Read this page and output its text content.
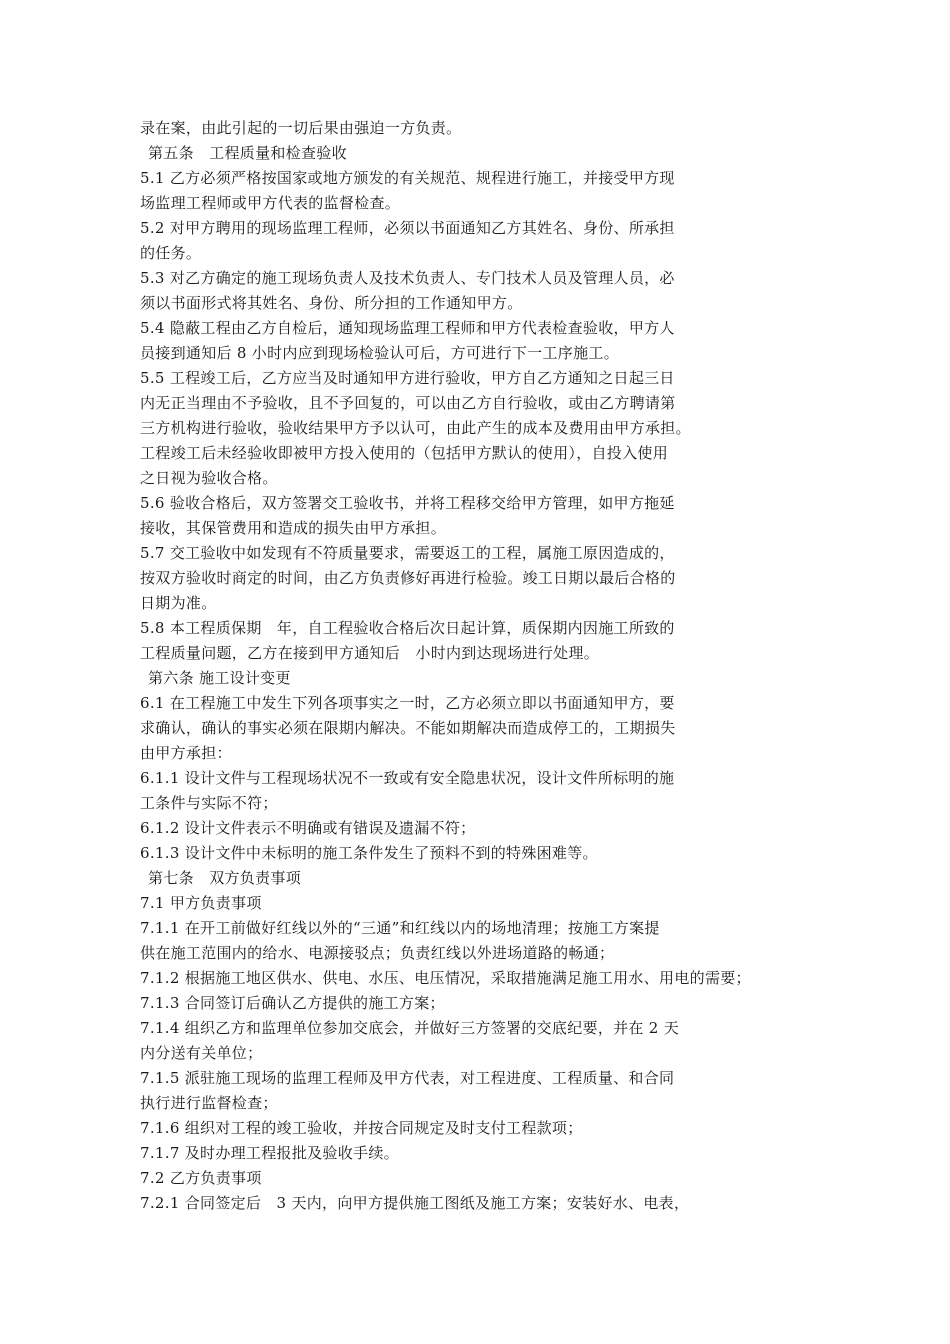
录在案，由此引起的一切后果由强迫一方负责。
第五条　工程质量和检查验收
5.1 乙方必须严格按国家或地方颁发的有关规范、规程进行施工，并接受甲方现
场监理工程师或甲方代表的监督检查。
5.2 对甲方聘用的现场监理工程师，必须以书面通知乙方其姓名、身份、所承担
的任务。
5.3 对乙方确定的施工现场负责人及技术负责人、专门技术人员及管理人员，必
须以书面形式将其姓名、身份、所分担的工作通知甲方。
5.4 隐蔽工程由乙方自检后，通知现场监理工程师和甲方代表检查验收，甲方人
员接到通知后 8 小时内应到现场检验认可后，方可进行下一工序施工。
5.5 工程竣工后，乙方应当及时通知甲方进行验收，甲方自乙方通知之日起三日
内无正当理由不予验收，且不予回复的，可以由乙方自行验收，或由乙方聘请第
三方机构进行验收，验收结果甲方予以认可，由此产生的成本及费用由甲方承担。
工程竣工后未经验收即被甲方投入使用的（包括甲方默认的使用），自投入使用
之日视为验收合格。
5.6 验收合格后，双方签署交工验收书，并将工程移交给甲方管理，如甲方拖延
接收，其保管费用和造成的损失由甲方承担。
5.7 交工验收中如发现有不符质量要求，需要返工的工程，属施工原因造成的，
按双方验收时商定的时间，由乙方负责修好再进行检验。竣工日期以最后合格的
日期为准。
5.8 本工程质保期　年，自工程验收合格后次日起计算，质保期内因施工所致的
工程质量问题，乙方在接到甲方通知后　小时内到达现场进行处理。
第六条 施工设计变更
6.1 在工程施工中发生下列各项事实之一时，乙方必须立即以书面通知甲方，要
求确认，确认的事实必须在限期内解决。不能如期解决而造成停工的，工期损失
由甲方承担：
6.1.1 设计文件与工程现场状况不一致或有安全隐患状况，设计文件所标明的施
工条件与实际不符；
6.1.2 设计文件表示不明确或有错误及遗漏不符；
6.1.3 设计文件中未标明的施工条件发生了预料不到的特殊困难等。
第七条　双方负责事项
7.1 甲方负责事项
7.1.1 在开工前做好红线以外的“三通”和红线以内的场地清理；按施工方案提
供在施工范围内的给水、电源接驳点；负责红线以外进场道路的畅通；
7.1.2 根据施工地区供水、供电、水压、电压情况，采取措施满足施工用水、用电的需要；
7.1.3 合同签订后确认乙方提供的施工方案；
7.1.4 组织乙方和监理单位参加交底会，并做好三方签署的交底纪要，并在 2 天
内分送有关单位；
7.1.5 派驻施工现场的监理工程师及甲方代表，对工程进度、工程质量、和合同
执行进行监督检查；
7.1.6 组织对工程的竣工验收，并按合同规定及时支付工程款项；
7.1.7 及时办理工程报批及验收手续。
7.2 乙方负责事项
7.2.1 合同签定后　3 天内，向甲方提供施工图纸及施工方案；安装好水、电表，
